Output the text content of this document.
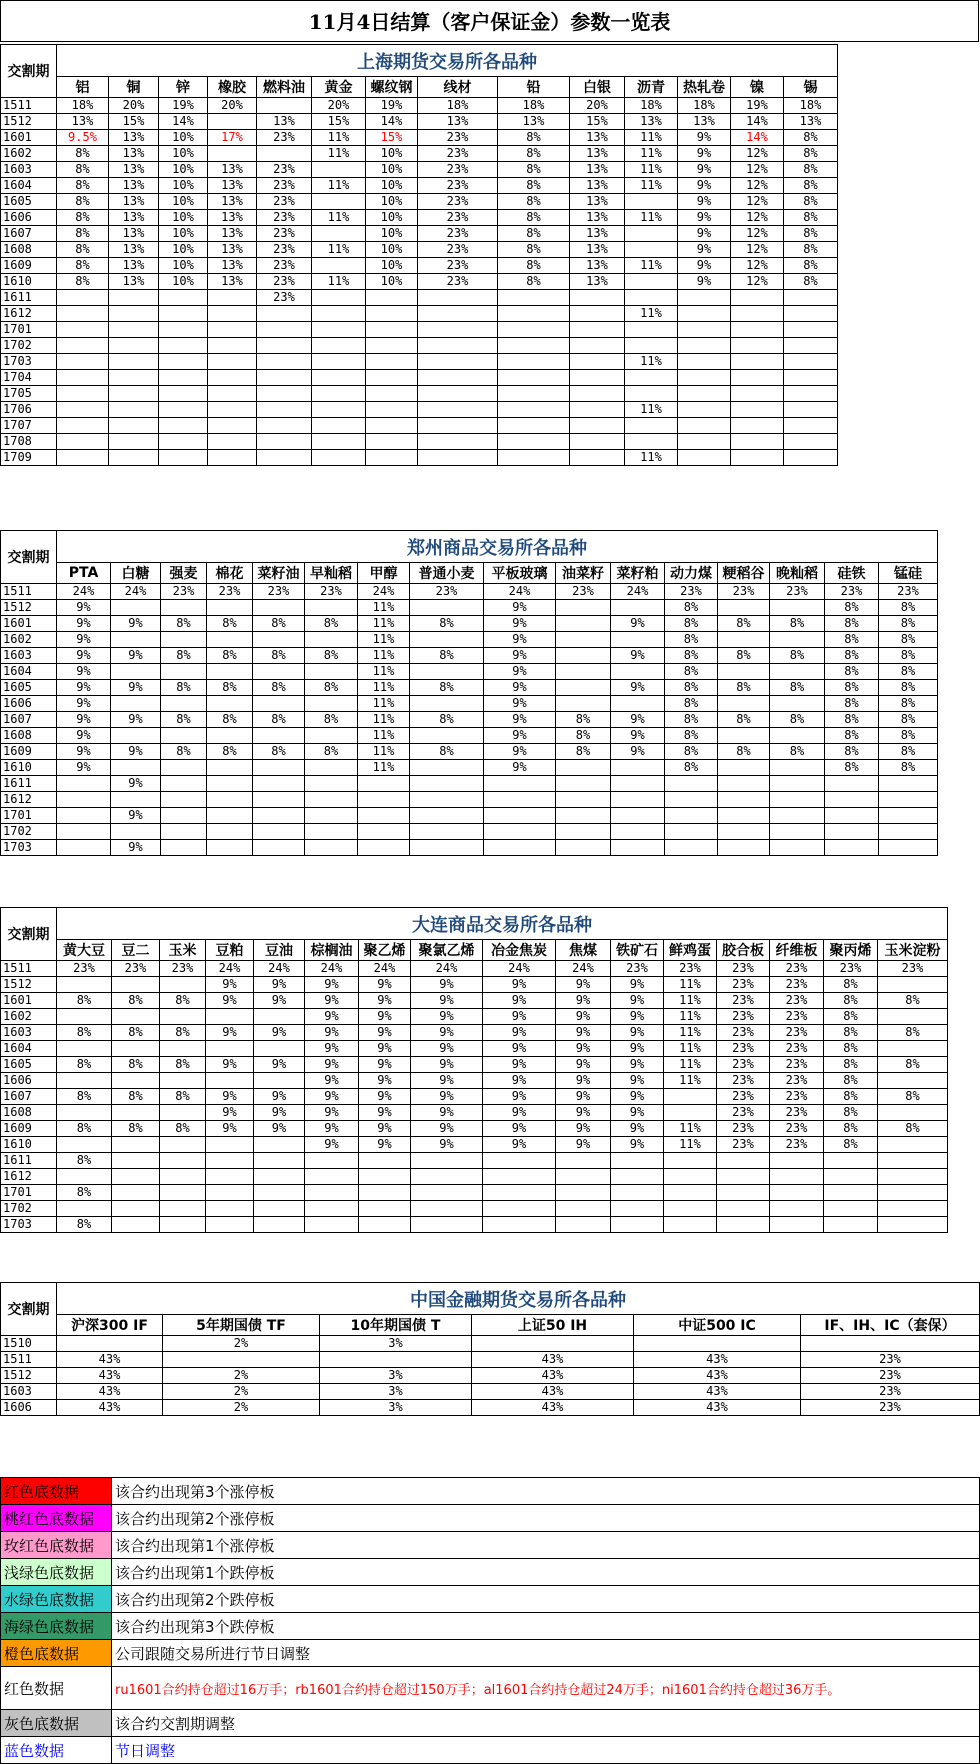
11月4日结算（客户保证金）参数一览表
交割期	上海期货交易所各品种													
	铝	铜	锌	橡胶	燃料油	黄金	螺纹钢	线材	铅	白银	沥青	热轧卷	镍	锡
1511	18%	20%	19%	20%		20%	19%	18%	18%	20%	18%	18%	19%	18%
1512	13%	15%	14%		13%	15%	14%	13%	13%	15%	13%	13%	14%	13%
1601	9.5%	13%	10%	17%	23%	11%	15%	23%	8%	13%	11%	9%	14%	8%
1602	8%	13%	10%			11%	10%	23%	8%	13%	11%	9%	12%	8%
1603	8%	13%	10%	13%	23%		10%	23%	8%	13%	11%	9%	12%	8%
1604	8%	13%	10%	13%	23%	11%	10%	23%	8%	13%	11%	9%	12%	8%
1605	8%	13%	10%	13%	23%		10%	23%	8%	13%		9%	12%	8%
1606	8%	13%	10%	13%	23%	11%	10%	23%	8%	13%	11%	9%	12%	8%
1607	8%	13%	10%	13%	23%		10%	23%	8%	13%		9%	12%	8%
1608	8%	13%	10%	13%	23%	11%	10%	23%	8%	13%		9%	12%	8%
1609	8%	13%	10%	13%	23%		10%	23%	8%	13%	11%	9%	12%	8%
1610	8%	13%	10%	13%	23%	11%	10%	23%	8%	13%		9%	12%	8%
1611					23%									
1612											11%			
1701														
1702														
1703											11%			
1704														
1705														
1706											11%			
1707														
1708														
1709											11%			
交割期	郑州商品交易所各品种															
	PTA	白糖	强麦	棉花	菜籽油	早籼稻	甲醇	普通小麦	平板玻璃	油菜籽	菜籽粕	动力煤	粳稻谷	晚籼稻	硅铁	锰硅
1511	24%	24%	23%	23%	23%	23%	24%	23%	24%	23%	24%	23%	23%	23%	23%	23%
1512	9%						11%		9%			8%			8%	8%
1601	9%	9%	8%	8%	8%	8%	11%	8%	9%		9%	8%	8%	8%	8%	8%
1602	9%						11%		9%			8%			8%	8%
1603	9%	9%	8%	8%	8%	8%	11%	8%	9%		9%	8%	8%	8%	8%	8%
1604	9%						11%		9%			8%			8%	8%
1605	9%	9%	8%	8%	8%	8%	11%	8%	9%		9%	8%	8%	8%	8%	8%
1606	9%						11%		9%			8%			8%	8%
1607	9%	9%	8%	8%	8%	8%	11%	8%	9%	8%	9%	8%	8%	8%	8%	8%
1608	9%						11%		9%	8%	9%	8%			8%	8%
1609	9%	9%	8%	8%	8%	8%	11%	8%	9%	8%	9%	8%	8%	8%	8%	8%
1610	9%						11%		9%			8%			8%	8%
1611		9%														
1612																
1701		9%														
1702																
1703		9%														
交割期	大连商品交易所各品种															
	黄大豆	豆二	玉米	豆粕	豆油	棕榈油	聚乙烯	聚氯乙烯	冶金焦炭	焦煤	铁矿石	鲜鸡蛋	胶合板	纤维板	聚丙烯	玉米淀粉
1511	23%	23%	23%	24%	24%	24%	24%	24%	24%	24%	23%	23%	23%	23%	23%	23%
1512				9%	9%	9%	9%	9%	9%	9%	9%	11%	23%	23%	8%	
1601	8%	8%	8%	9%	9%	9%	9%	9%	9%	9%	9%	11%	23%	23%	8%	8%
1602						9%	9%	9%	9%	9%	9%	11%	23%	23%	8%	
1603	8%	8%	8%	9%	9%	9%	9%	9%	9%	9%	9%	11%	23%	23%	8%	8%
1604						9%	9%	9%	9%	9%	9%	11%	23%	23%	8%	
1605	8%	8%	8%	9%	9%	9%	9%	9%	9%	9%	9%	11%	23%	23%	8%	8%
1606						9%	9%	9%	9%	9%	9%	11%	23%	23%	8%	
1607	8%	8%	8%	9%	9%	9%	9%	9%	9%	9%	9%		23%	23%	8%	8%
1608				9%	9%	9%	9%	9%	9%	9%	9%		23%	23%	8%	
1609	8%	8%	8%	9%	9%	9%	9%	9%	9%	9%	9%	11%	23%	23%	8%	8%
1610						9%	9%	9%	9%	9%	9%	11%	23%	23%	8%	
1611	8%															
1612																
1701	8%															
1702																
1703	8%															
交割期	中国金融期货交易所各品种					
	沪深300 IF	5年期国债 TF	10年期国债 T	上证50 IH	中证500 IC	IF、IH、IC（套保）
1510		2%	3%			
1511	43%			43%	43%	23%
1512	43%	2%	3%	43%	43%	23%
1603	43%	2%	3%	43%	43%	23%
1606	43%	2%	3%	43%	43%	23%
红色底数据	该合约出现第3个涨停板
桃红色底数据	该合约出现第2个涨停板
玫红色底数据	该合约出现第1个涨停板
浅绿色底数据	该合约出现第1个跌停板
水绿色底数据	该合约出现第2个跌停板
海绿色底数据	该合约出现第3个跌停板
橙色底数据	公司跟随交易所进行节日调整
红色数据	ru1601合约持仓超过16万手；rb1601合约持仓超过150万手；al1601合约持仓超过24万手；ni1601合约持仓超过36万手。
灰色底数据	该合约交割期调整
蓝色数据	节日调整
